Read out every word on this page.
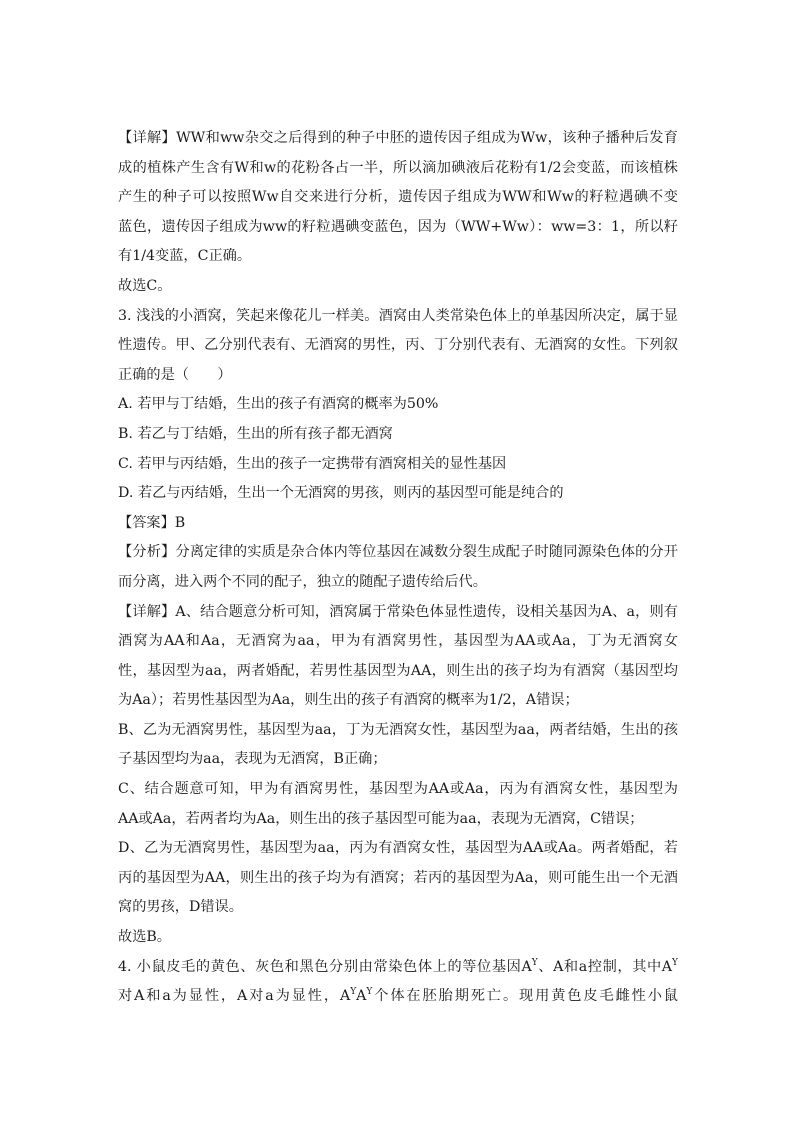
【详解】WW和ww杂交之后得到的种子中胚的遗传因子组成为Ww，该种子播种后发育
成的植株产生含有W和w的花粉各占一半，所以滴加碘液后花粉有1/2会变蓝，而该植株
产生的种子可以按照Ww自交来进行分析，遗传因子组成为WW和Ww的籽粒遇碘不变
蓝色，遗传因子组成为ww的籽粒遇碘变蓝色，因为（WW+Ww）：ww=3：1，所以籽
有1/4变蓝，C正确。
故选C。
3. 浅浅的小酒窝，笑起来像花儿一样美。酒窝由人类常染色体上的单基因所决定，属于显
性遗传。甲、乙分别代表有、无酒窝的男性，丙、丁分别代表有、无酒窝的女性。下列叙
正确的是（　　）
A. 若甲与丁结婚，生出的孩子有酒窝的概率为50%
B. 若乙与丁结婚，生出的所有孩子都无酒窝
C. 若甲与丙结婚，生出的孩子一定携带有酒窝相关的显性基因
D. 若乙与丙结婚，生出一个无酒窝的男孩，则丙的基因型可能是纯合的
【答案】B
【分析】分离定律的实质是杂合体内等位基因在减数分裂生成配子时随同源染色体的分开
而分离，进入两个不同的配子，独立的随配子遗传给后代。
【详解】A、结合题意分析可知，酒窝属于常染色体显性遗传，设相关基因为A、a，则有
酒窝为AA和Aa，无酒窝为aa，甲为有酒窝男性，基因型为AA或Aa，丁为无酒窝女
性，基因型为aa，两者婚配，若男性基因型为AA，则生出的孩子均为有酒窝（基因型均
为Aa）；若男性基因型为Aa，则生出的孩子有酒窝的概率为1/2，A错误；
B、乙为无酒窝男性，基因型为aa，丁为无酒窝女性，基因型为aa，两者结婚，生出的孩
子基因型均为aa，表现为无酒窝，B正确；
C、结合题意可知，甲为有酒窝男性，基因型为AA或Aa，丙为有酒窝女性，基因型为
AA或Aa，若两者均为Aa，则生出的孩子基因型可能为aa，表现为无酒窝，C错误；
D、乙为无酒窝男性，基因型为aa，丙为有酒窝女性，基因型为AA或Aa。两者婚配，若
丙的基因型为AA，则生出的孩子均为有酒窝；若丙的基因型为Aa，则可能生出一个无酒
窝的男孩，D错误。
故选B。
4. 小鼠皮毛的黄色、灰色和黑色分别由常染色体上的等位基因$A^Y$、A和a控制，其中$A^Y$
对A和a为显性，A对a为显性，$A^YA^Y$个体在胚胎期死亡。现用黄色皮毛雌性小鼠
